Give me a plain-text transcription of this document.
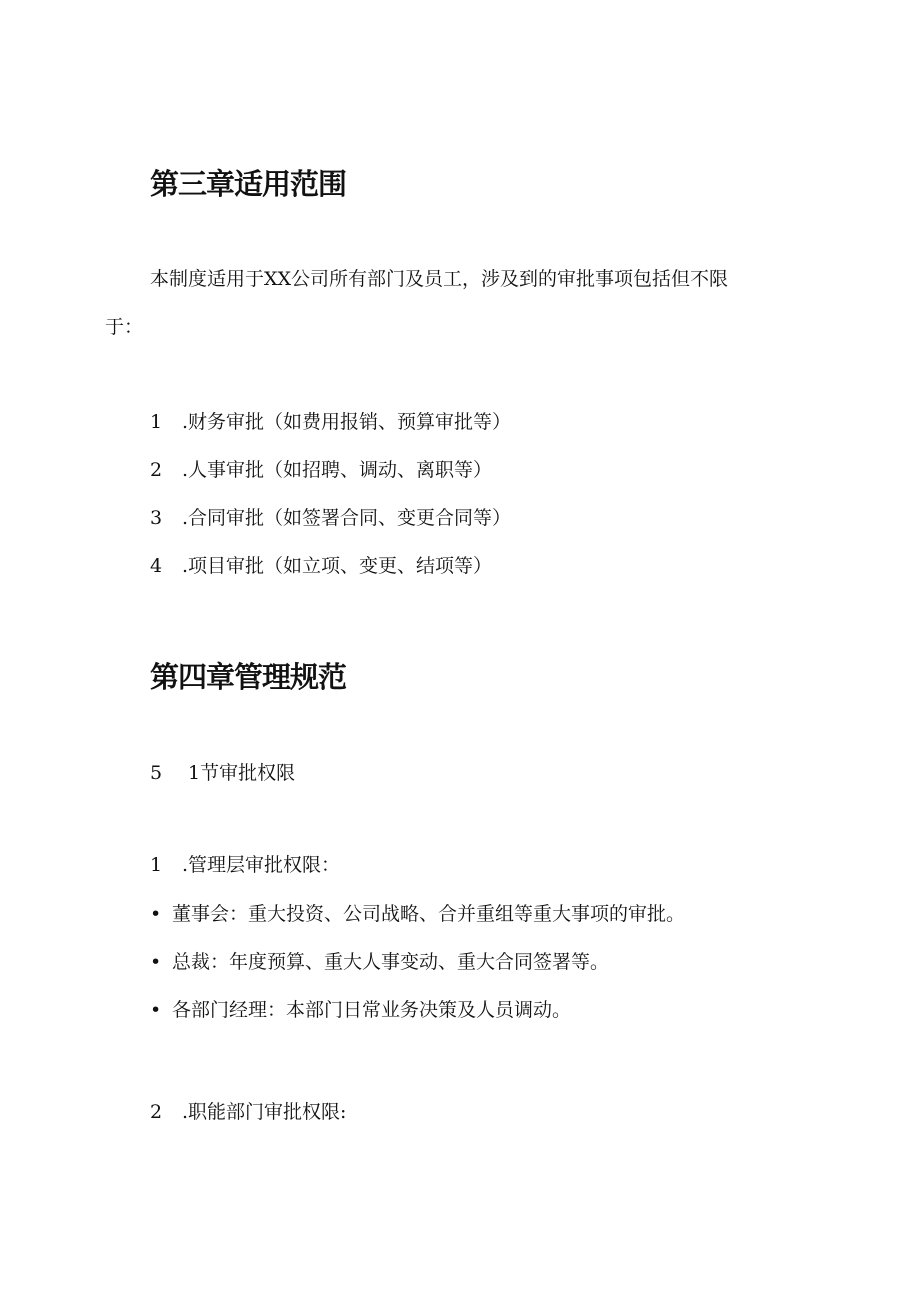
第三章适用范围
本制度适用于XX公司所有部门及员工，涉及到的审批事项包括但不限
于：
1 .财务审批（如费用报销、预算审批等）
2 .人事审批（如招聘、调动、离职等）
3 .合同审批（如签署合同、变更合同等）
4 .项目审批（如立项、变更、结项等）
第四章管理规范
5 1节审批权限
1 .管理层审批权限：
• 董事会：重大投资、公司战略、合并重组等重大事项的审批。
• 总裁：年度预算、重大人事变动、重大合同签署等。
• 各部门经理：本部门日常业务决策及人员调动。
2 .职能部门审批权限:
